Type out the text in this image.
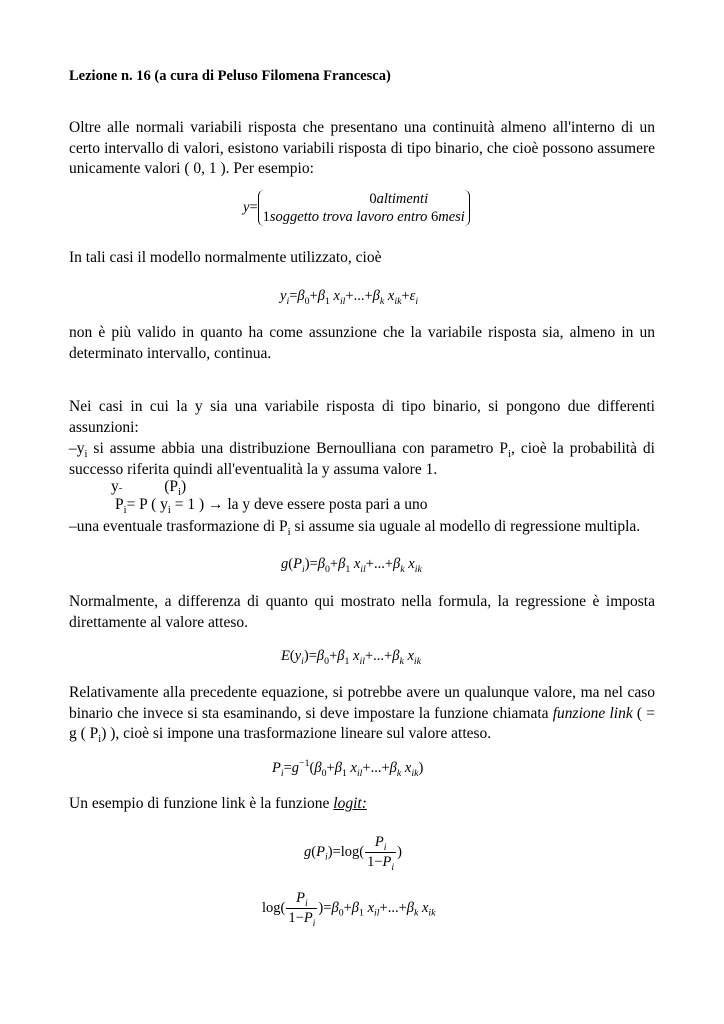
Lezione n. 16 (a cura di Peluso Filomena Francesca)
Oltre alle normali variabili risposta che presentano una continuità almeno all'interno di un certo intervallo di valori, esistono variabili risposta di tipo binario, che cioè possono assumere unicamente valori ( 0, 1 ). Per esempio:
y=
0altimenti
1soggetto trova lavoro entro 6mesi
In tali casi il modello normalmente utilizzato, cioè
$y_i=\beta_0+\beta_1$ $x_{il}+...+\beta_k$ $x_{ik}+\varepsilon_i$
non è più valido in quanto ha come assunzione che la variabile risposta sia, almeno in un determinato intervallo, continua.
Nei casi in cui la y sia una variabile risposta di tipo binario, si pongono due differenti assunzioni:
$-y_i$ si assume abbia una distribuzione Bernoulliana con parametro $P_i$, cioè la probabilità di successo riferita quindi all'eventualità la y assuma valore 1.
$y_˜$	$(P_i)$
$P_i= P$ ( $y_i = 1$ ) → la y deve essere posta pari a uno
–una eventuale trasformazione di $P_i$ si assume sia uguale al modello di regressione multipla.
$g(P_i)=\beta_0+\beta_1$ $x_{il}+...+\beta_k$ $x_{ik}$
Normalmente, a differenza di quanto qui mostrato nella formula, la regressione è imposta direttamente al valore atteso.
$E(y_i)=\beta_0+\beta_1$ $x_{il}+...+\beta_k$ $x_{ik}$
Relativamente alla precedente equazione, si potrebbe avere un qualunque valore, ma nel caso binario che invece si sta esaminando, si deve impostare la funzione chiamata funzione link ( = g ( $P_i$) ), cioè si impone una trasformazione lineare sul valore atteso.
$P_i=g^{-1}(\beta_0+\beta_1$ $x_{il}+...+\beta_k$ $x_{ik}$)
Un esempio di funzione link è la funzione logit:
$g(P_i)=\log( \frac{P_i}{1-P_i}$ )
$\log( \frac{P_i}{1-P_i} )=\beta_0+\beta_1$ $x_{il}+...+\beta_k$ $x_{ik}$
